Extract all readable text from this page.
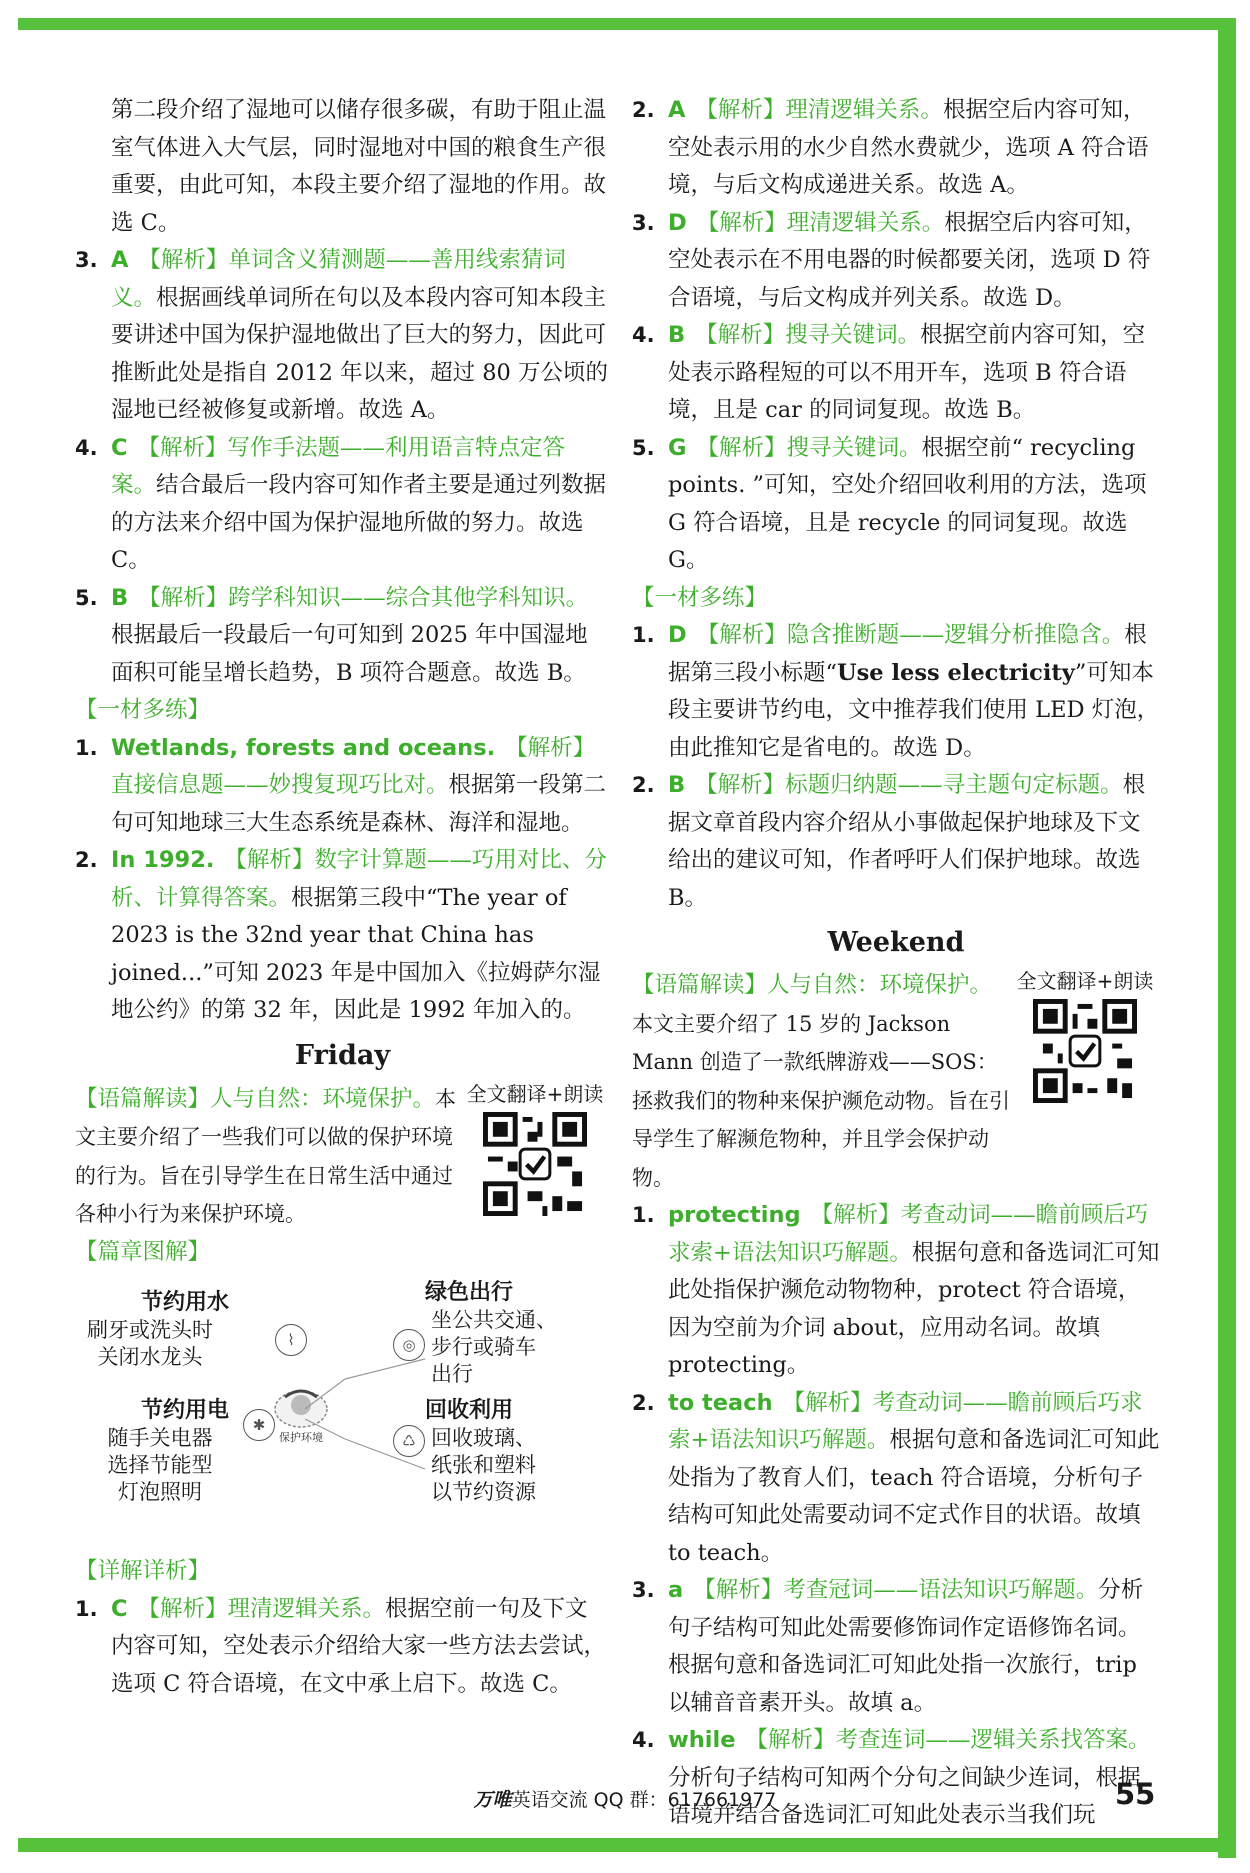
第二段介绍了湿地可以储存很多碳，有助于阻止温室气体进入大气层，同时湿地对中国的粮食生产很重要，由此可知，本段主要介绍了湿地的作用。故选 C。

3. A 【解析】单词含义猜测题——善用线索猜词义。根据画线单词所在句以及本段内容可知本段主要讲述中国为保护湿地做出了巨大的努力，因此可推断此处是指自 2012 年以来，超过 80 万公顷的湿地已经被修复或新增。故选 A。

4. C 【解析】写作手法题——利用语言特点定答案。结合最后一段内容可知作者主要是通过列数据的方法来介绍中国为保护湿地所做的努力。故选 C。

5. B 【解析】跨学科知识——综合其他学科知识。根据最后一段最后一句可知到 2025 年中国湿地面积可能呈增长趋势，B 项符合题意。故选 B。

【一材多练】

1. Wetlands, forests and oceans. 【解析】直接信息题——妙搜复现巧比对。根据第一段第二句可知地球三大生态系统是森林、海洋和湿地。

2. In 1992. 【解析】数字计算题——巧用对比、分析、计算得答案。根据第三段中“The year of 2023 is the 32nd year that China has joined...”可知 2023 年是中国加入《拉姆萨尔湿地公约》的第 32 年，因此是 1992 年加入的。

Friday
【语篇解读】人与自然：环境保护。本文主要介绍了一些我们可以做的保护环境的行为。旨在引导学生在日常生活中通过各种小行为来保护环境。
全文翻译+朗读

【篇章图解】

节约用水
刷牙或洗头时
关闭水龙头
⌇
节约用电
随手关电器
选择节能型
灯泡照明
✱
保护环境
绿色出行
◎
坐公共交通、
步行或骑车
出行
回收利用
♺ 回收玻璃、
纸张和塑料
以节约资源

【详解详析】

1. C 【解析】理清逻辑关系。根据空前一句及下文内容可知，空处表示介绍给大家一些方法去尝试，选项 C 符合语境，在文中承上启下。故选 C。

2. A 【解析】理清逻辑关系。根据空后内容可知，空处表示用的水少自然水费就少，选项 A 符合语境，与后文构成递进关系。故选 A。

3. D 【解析】理清逻辑关系。根据空后内容可知，空处表示在不用电器的时候都要关闭，选项 D 符合语境，与后文构成并列关系。故选 D。

4. B 【解析】搜寻关键词。根据空前内容可知，空处表示路程短的可以不用开车，选项 B 符合语境，且是 car 的同词复现。故选 B。

5. G 【解析】搜寻关键词。根据空前“ recycling points. ”可知，空处介绍回收利用的方法，选项 G 符合语境，且是 recycle 的同词复现。故选 G。

【一材多练】

1. D 【解析】隐含推断题——逻辑分析推隐含。根据第三段小标题“Use less electricity”可知本段主要讲节约电，文中推荐我们使用 LED 灯泡，由此推知它是省电的。故选 D。

2. B 【解析】标题归纳题——寻主题句定标题。根据文章首段内容介绍从小事做起保护地球及下文给出的建议可知，作者呼吁人们保护地球。故选 B。

Weekend
【语篇解读】人与自然：环境保护。本文主要介绍了 15 岁的 Jackson Mann 创造了一款纸牌游戏——SOS：拯救我们的物种来保护濒危动物。旨在引导学生了解濒危物种，并且学会保护动物。
全文翻译+朗读

1. protecting 【解析】考查动词——瞻前顾后巧求索+语法知识巧解题。根据句意和备选词汇可知此处指保护濒危动物物种，protect 符合语境，因为空前为介词 about，应用动名词。故填 protecting。

2. to teach 【解析】考查动词——瞻前顾后巧求索+语法知识巧解题。根据句意和备选词汇可知此处指为了教育人们，teach 符合语境，分析句子结构可知此处需要动词不定式作目的状语。故填 to teach。

3. a 【解析】考查冠词——语法知识巧解题。分析句子结构可知此处需要修饰词作定语修饰名词。根据句意和备选词汇可知此处指一次旅行，trip 以辅音音素开头。故填 a。

4. while 【解析】考查连词——逻辑关系找答案。分析句子结构可知两个分句之间缺少连词，根据语境并结合备选词汇可知此处表示当我们玩

万唯英语交流 QQ 群：617661977	55
